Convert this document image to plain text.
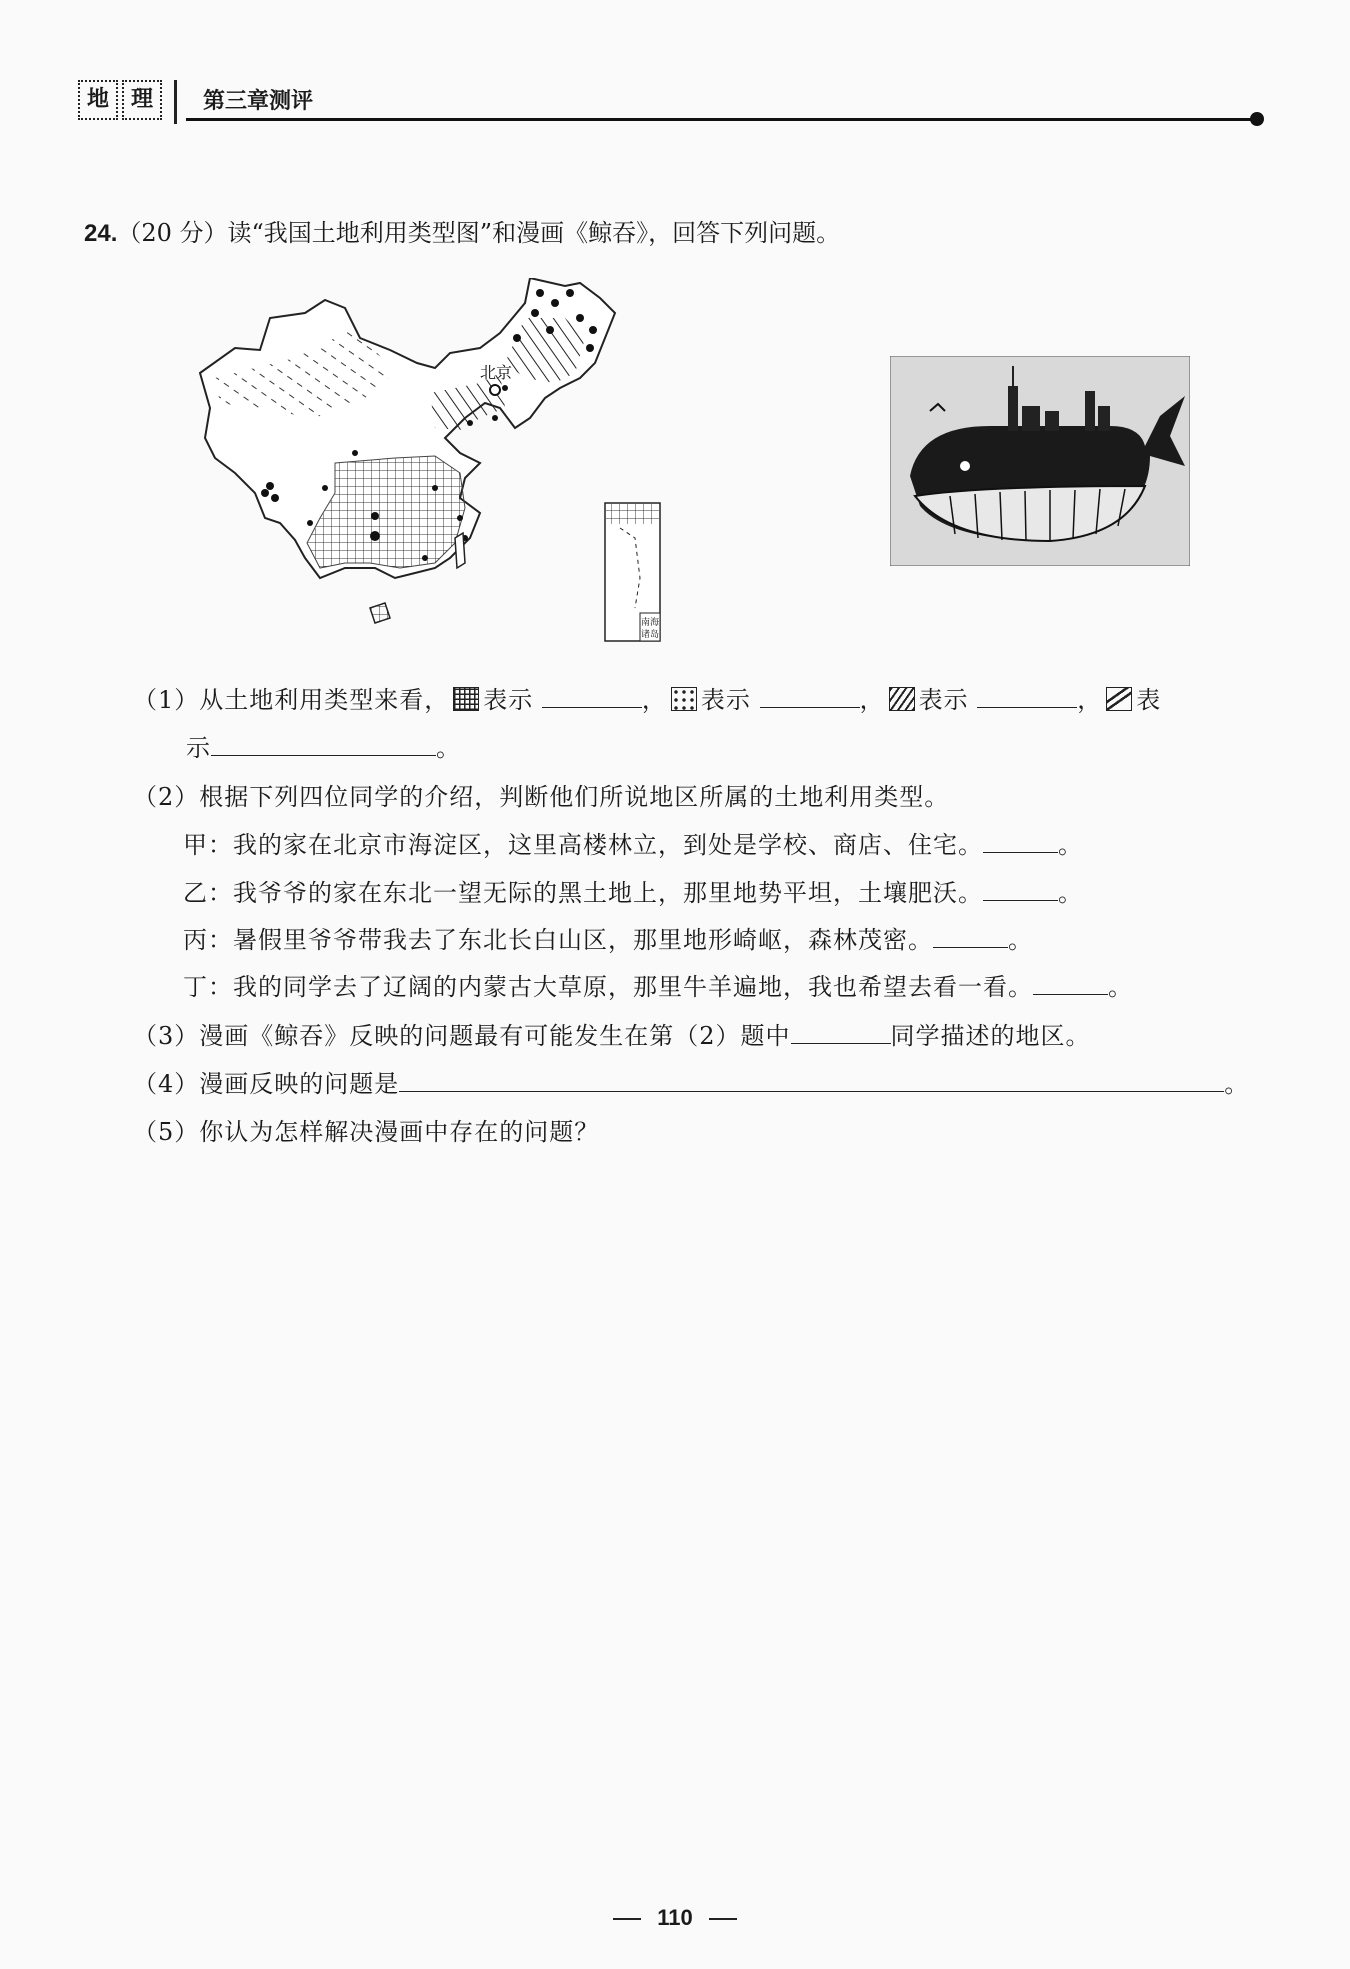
地 理	第三章测评
24.（20 分）读“我国土地利用类型图”和漫画《鲸吞》，回答下列问题。
北京
南海
诸岛
（1）从土地利用类型来看， 表示	， 表示	， 表示	， 表
示	。
（2）根据下列四位同学的介绍，判断他们所说地区所属的土地利用类型。
甲：我的家在北京市海淀区，这里高楼林立，到处是学校、商店、住宅。	。
乙：我爷爷的家在东北一望无际的黑土地上，那里地势平坦，土壤肥沃。	。
丙：暑假里爷爷带我去了东北长白山区，那里地形崎岖，森林茂密。	。
丁：我的同学去了辽阔的内蒙古大草原，那里牛羊遍地，我也希望去看一看。	。
（3）漫画《鲸吞》反映的问题最有可能发生在第（2）题中	同学描述的地区。
（4）漫画反映的问题是	。
（5）你认为怎样解决漫画中存在的问题？
110
